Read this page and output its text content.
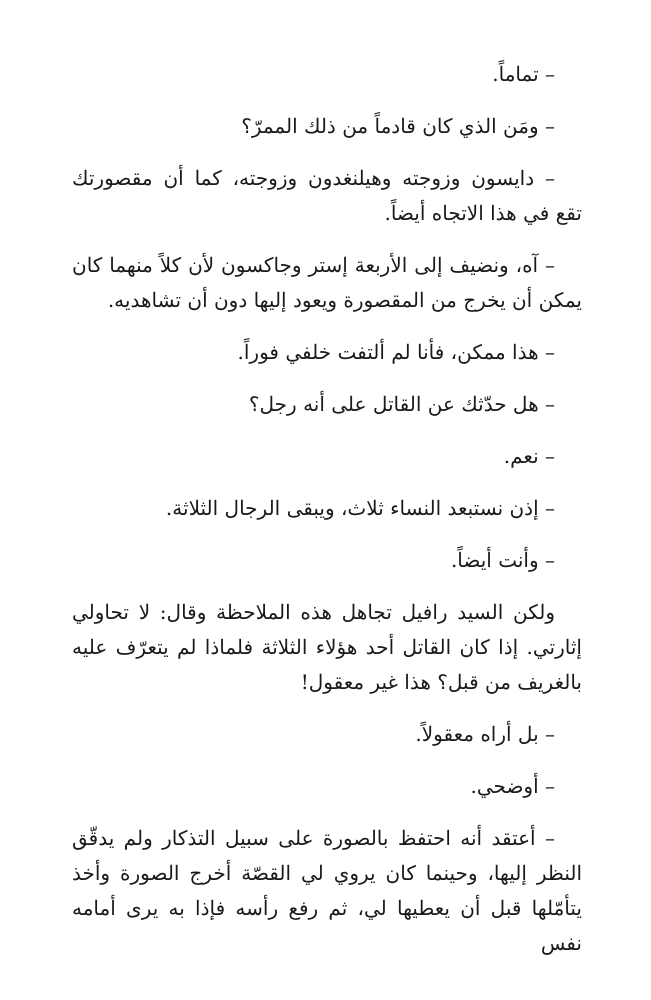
– تماماً.

– ومَن الذي كان قادماً من ذلك الممرّ؟

– دايسون وزوجته وهيلنغدون وزوجته، كما أن مقصورتك تقع في هذا الاتجاه أيضاً.

– آه، ونضيف إلى الأربعة إستر وجاكسون لأن كلاً منهما كان يمكن أن يخرج من المقصورة ويعود إليها دون أن تشاهديه.

– هذا ممكن، فأنا لم ألتفت خلفي فوراً.

– هل حدّثك عن القاتل على أنه رجل؟

– نعم.

– إذن نستبعد النساء ثلاث، ويبقى الرجال الثلاثة.

– وأنت أيضاً.

ولكن السيد رافيل تجاهل هذه الملاحظة وقال: لا تحاولي إثارتي. إذا كان القاتل أحد هؤلاء الثلاثة فلماذا لم يتعرّف عليه بالغريف من قبل؟ هذا غير معقول!

– بل أراه معقولاً.

– أوضحي.

– أعتقد أنه احتفظ بالصورة على سبيل التذكار ولم يدقّق النظر إليها، وحينما كان يروي لي القصّة أخرج الصورة وأخذ يتأمّلها قبل أن يعطيها لي، ثم رفع رأسه فإذا به يرى أمامه نفس
